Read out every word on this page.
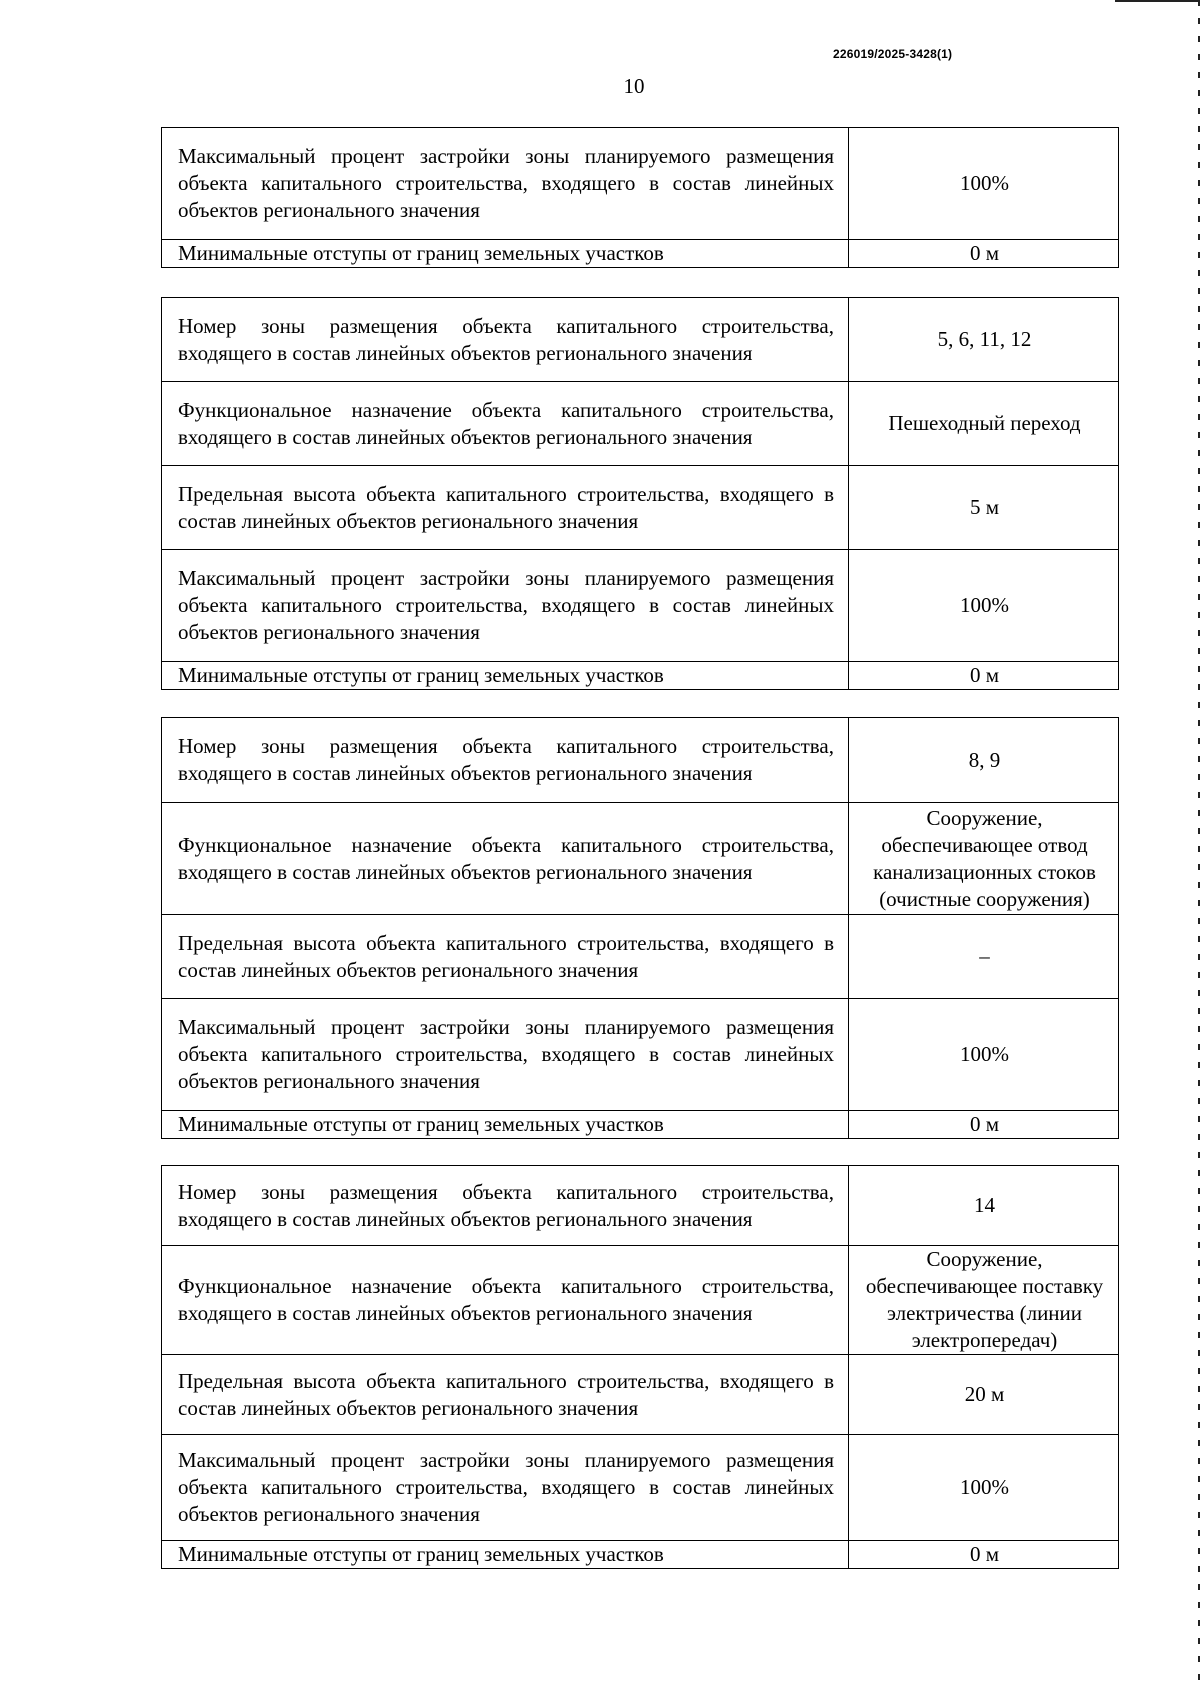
226019/2025-3428(1)
10
Максимальный процент застройки зоны планируемого размещения объекта капитального строительства, входящего в состав линейных объектов регионального значения	100%
Минимальные отступы от границ земельных участков	0 м
Номер зоны размещения объекта капитального строительства, входящего в состав линейных объектов регионального значения	5, 6, 11, 12
Функциональное назначение объекта капитального строительства, входящего в состав линейных объектов регионального значения	Пешеходный переход
Предельная высота объекта капитального строительства, входящего в состав линейных объектов регионального значения	5 м
Максимальный процент застройки зоны планируемого размещения объекта капитального строительства, входящего в состав линейных объектов регионального значения	100%
Минимальные отступы от границ земельных участков	0 м
Номер зоны размещения объекта капитального строительства, входящего в состав линейных объектов регионального значения	8, 9
Функциональное назначение объекта капитального строительства, входящего в состав линейных объектов регионального значения	Сооружение, обеспечивающее отвод канализационных стоков (очистные сооружения)
Предельная высота объекта капитального строительства, входящего в состав линейных объектов регионального значения	–
Максимальный процент застройки зоны планируемого размещения объекта капитального строительства, входящего в состав линейных объектов регионального значения	100%
Минимальные отступы от границ земельных участков	0 м
Номер зоны размещения объекта капитального строительства, входящего в состав линейных объектов регионального значения	14
Функциональное назначение объекта капитального строительства, входящего в состав линейных объектов регионального значения	Сооружение, обеспечивающее поставку электричества (линии электропередач)
Предельная высота объекта капитального строительства, входящего в состав линейных объектов регионального значения	20 м
Максимальный процент застройки зоны планируемого размещения объекта капитального строительства, входящего в состав линейных объектов регионального значения	100%
Минимальные отступы от границ земельных участков	0 м
